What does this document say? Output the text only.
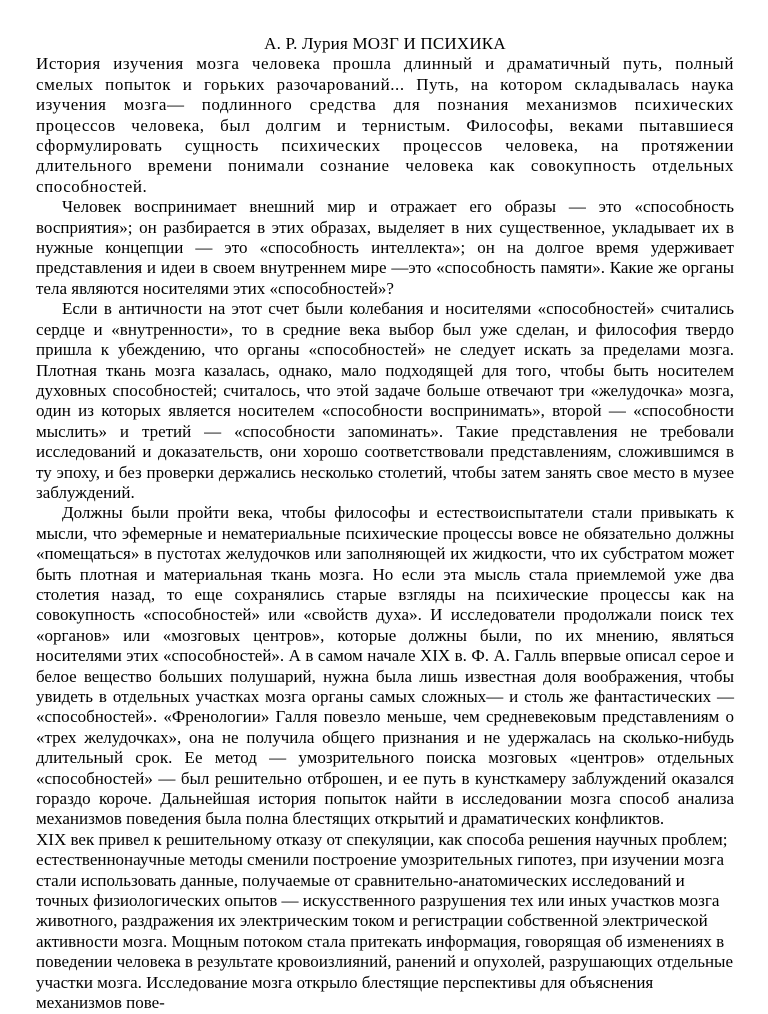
А. Р. Лурия МОЗГ И ПСИХИКА

История изучения мозга человека прошла длинный и драматичный путь, полный смелых попыток и горьких разочарований... Путь, на котором складывалась наука изучения мозга— подлинного средства для познания механизмов психических процессов человека, был долгим и тернистым. Философы, веками пытавшиеся сформулировать сущность психических процессов человека, на протяжении длительного времени понимали сознание человека как совокупность отдельных способностей.

Человек воспринимает внешний мир и отражает его образы — это «способность восприятия»; он разбирается в этих образах, выделяет в них существенное, укладывает их в нужные концепции — это «способность интеллекта»; он на долгое время удерживает представления и идеи в своем внутреннем мире —это «способность памяти». Какие же органы тела являются носителями этих «способностей»?

Если в античности на этот счет были колебания и носителями «способностей» считались сердце и «внутренности», то в средние века выбор был уже сделан, и философия твердо пришла к убеждению, что органы «способностей» не следует искать за пределами мозга. Плотная ткань мозга казалась, однако, мало подходящей для того, чтобы быть носителем духовных способностей; считалось, что этой задаче больше отвечают три «желудочка» мозга, один из которых является носителем «способности воспринимать», второй — «способности мыслить» и третий — «способности запоминать». Такие представления не требовали исследований и доказательств, они хорошо соответствовали представлениям, сложившимся в ту эпоху, и без проверки держались несколько столетий, чтобы затем занять свое место в музее заблуждений.

Должны были пройти века, чтобы философы и естествоиспытатели стали привыкать к мысли, что эфемерные и нематериальные психические процессы вовсе не обязательно должны «помещаться» в пустотах желудочков или заполняющей их жидкости, что их субстратом может быть плотная и материальная ткань мозга. Но если эта мысль стала приемлемой уже два столетия назад, то еще сохранялись старые взгляды на психические процессы как на совокупность «способностей» или «свойств духа». И исследователи продолжали поиск тех «органов» или «мозговых центров», которые должны были, по их мнению, являться носителями этих «способностей». А в самом начале XIX в. Ф. А. Галль впервые описал серое и белое вещество больших полушарий, нужна была лишь известная доля воображения, чтобы увидеть в отдельных участках мозга органы самых сложных— и столь же фантастических — «способностей». «Френологии» Галля повезло меньше, чем средневековым представлениям о «трех желудочках», она не получила общего признания и не удержалась на сколько-нибудь длительный срок. Ее метод — умозрительного поиска мозговых «центров» отдельных «способностей» — был решительно отброшен, и ее путь в кунсткамеру заблуждений оказался гораздо короче. Дальнейшая история попыток найти в исследовании мозга способ анализа механизмов поведения была полна блестящих открытий и драматических конфликтов.

XIX век привел к решительному отказу от спекуляции, как способа решения научных проблем; естественнонаучные методы сменили построение умозрительных гипотез, при изучении мозга стали использовать данные, получаемые от сравнительно-анатомических исследований и точных физиологических опытов — искусственного разрушения тех или иных участков мозга животного, раздражения их электрическим током и регистрации собственной электрической активности мозга. Мощным потоком стала притекать информация, говорящая об изменениях в поведении человека в результате кровоизлияний, ранений и опухолей, разрушающих отдельные участки мозга. Исследование мозга открыло блестящие перспективы для объяснения механизмов пове-
